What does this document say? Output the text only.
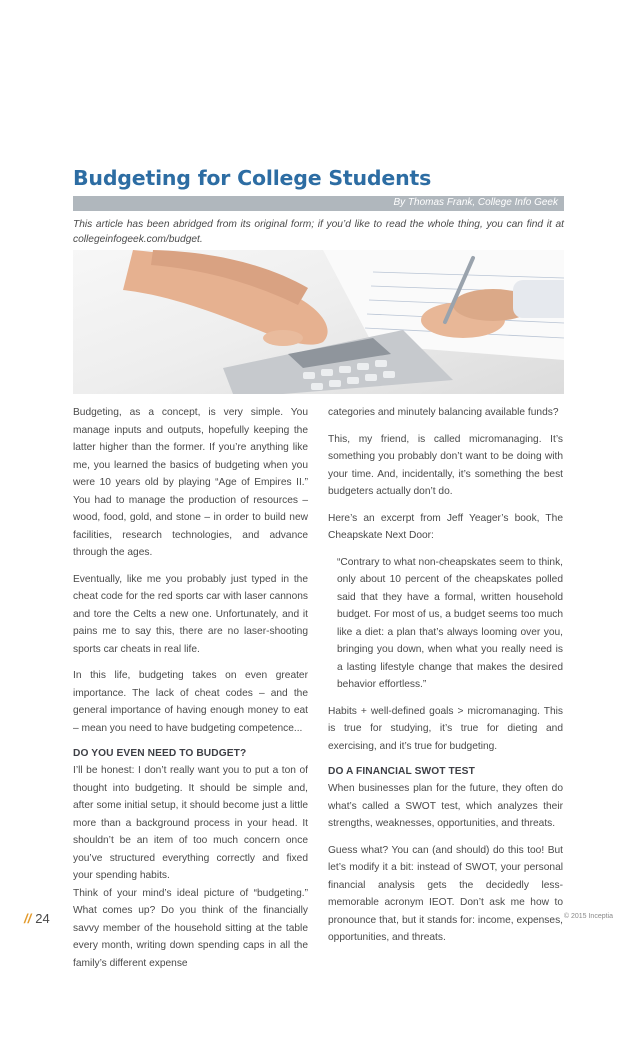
Budgeting for College Students
By Thomas Frank, College Info Geek
This article has been abridged from its original form; if you’d like to read the whole thing, you can find it at collegeinfogeek.com/budget.

Budgeting, as a concept, is very simple. You manage inputs and outputs, hopefully keeping the latter higher than the former. If you’re anything like me, you learned the basics of budgeting when you were 10 years old by playing “Age of Empires II.” You had to manage the production of resources – wood, food, gold, and stone – in order to build new facilities, research technologies, and advance through the ages.

Eventually, like me you probably just typed in the cheat code for the red sports car with laser cannons and tore the Celts a new one. Unfortunately, and it pains me to say this, there are no laser-shooting sports car cheats in real life.

In this life, budgeting takes on even greater importance. The lack of cheat codes – and the general importance of having enough money to eat – mean you need to have budgeting competence...

DO YOU EVEN NEED TO BUDGET?

I’ll be honest: I don’t really want you to put a ton of thought into budgeting. It should be simple and, after some initial setup, it should become just a little more than a background process in your head. It shouldn’t be an item of too much concern once you’ve structured everything correctly and fixed your spending habits.

Think of your mind’s ideal picture of “budgeting.” What comes up? Do you think of the financially savvy member of the household sitting at the table every month, writing down spending caps in all the family’s different expense

categories and minutely balancing available funds?

This, my friend, is called micromanaging. It’s something you probably don’t want to be doing with your time. And, incidentally, it’s something the best budgeters actually don’t do.

Here’s an excerpt from Jeff Yeager’s book, The Cheapskate Next Door:

“Contrary to what non-cheapskates seem to think, only about 10 percent of the cheapskates polled said that they have a formal, written household budget. For most of us, a budget seems too much like a diet: a plan that’s always looming over you, bringing you down, when what you really need is a lasting lifestyle change that makes the desired behavior effortless.”

Habits + well-defined goals > micromanaging. This is true for studying, it’s true for dieting and exercising, and it’s true for budgeting.

DO A FINANCIAL SWOT TEST

When businesses plan for the future, they often do what’s called a SWOT test, which analyzes their strengths, weaknesses, opportunities, and threats.

Guess what? You can (and should) do this too! But let’s modify it a bit: instead of SWOT, your personal financial analysis gets the decidedly less-memorable acronym IEOT. Don’t ask me how to pronounce that, but it stands for: income, expenses, opportunities, and threats.

// 24	© 2015 Inceptia
